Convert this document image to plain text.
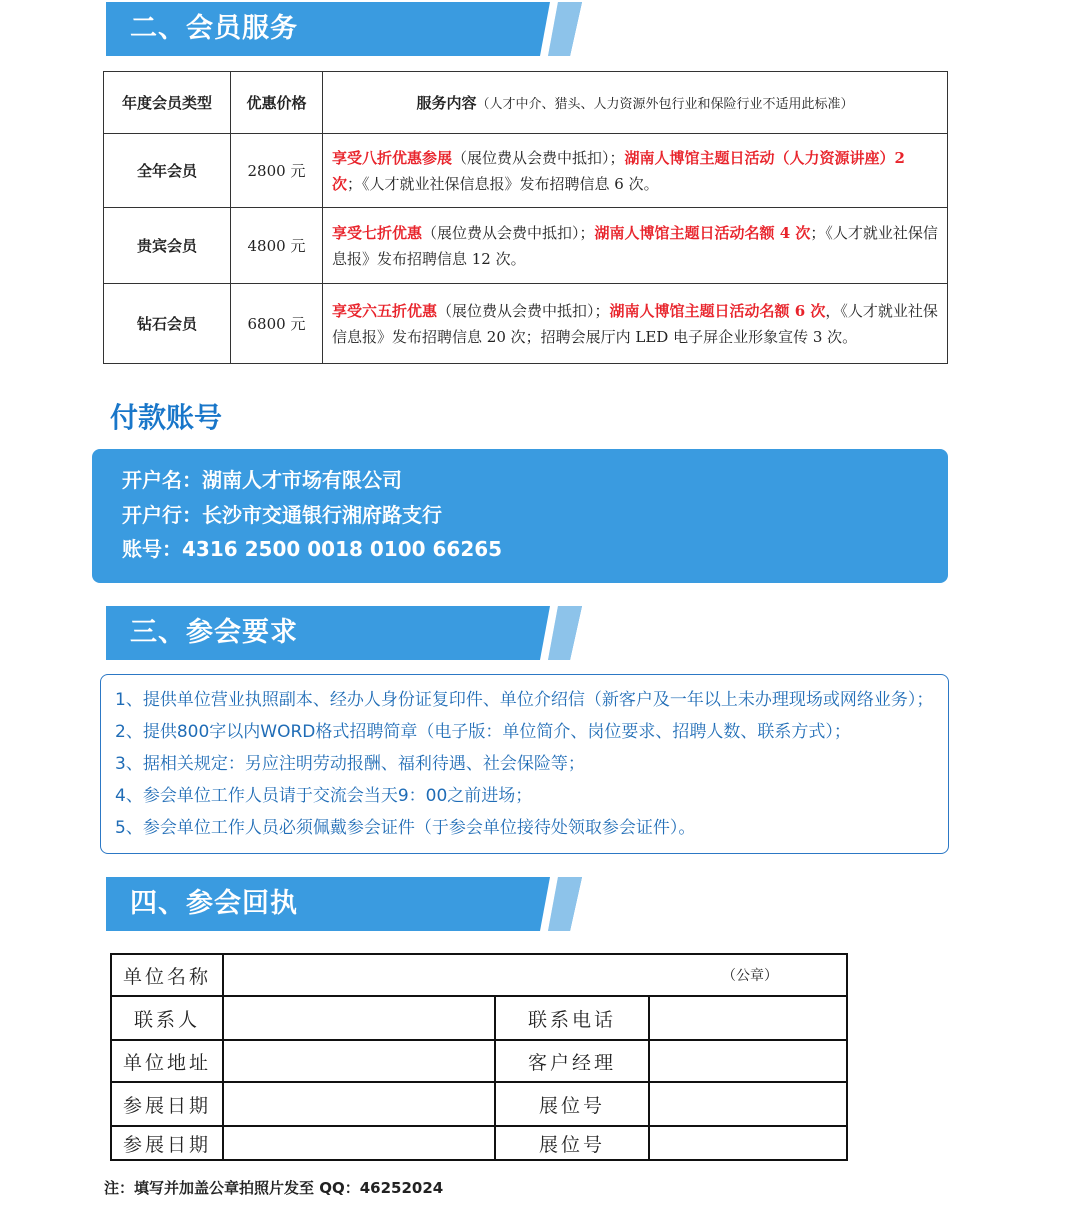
二、会员服务
年度会员类型	优惠价格	服务内容（人才中介、猎头、人力资源外包行业和保险行业不适用此标准）
全年会员	2800 元	享受八折优惠参展（展位费从会费中抵扣）；湖南人博馆主题日活动（人力资源讲座）2 次；《人才就业社保信息报》发布招聘信息 6 次。
贵宾会员	4800 元	享受七折优惠（展位费从会费中抵扣）；湖南人博馆主题日活动名额 4 次；《人才就业社保信息报》发布招聘信息 12 次。
钻石会员	6800 元	享受六五折优惠（展位费从会费中抵扣）；湖南人博馆主题日活动名额 6 次，《人才就业社保信息报》发布招聘信息 20 次；招聘会展厅内 LED 电子屏企业形象宣传 3 次。
付款账号
开户名：湖南人才市场有限公司
开户行：长沙市交通银行湘府路支行
账号：4316 2500 0018 0100 66265
三、参会要求
1、提供单位营业执照副本、经办人身份证复印件、单位介绍信（新客户及一年以上未办理现场或网络业务）；
2、提供800字以内WORD格式招聘简章（电子版：单位简介、岗位要求、招聘人数、联系方式）；
3、据相关规定：另应注明劳动报酬、福利待遇、社会保险等；
4、参会单位工作人员请于交流会当天9：00之前进场；
5、参会单位工作人员必须佩戴参会证件（于参会单位接待处领取参会证件）。
四、参会回执
单位名称	（公章）		

联系人		联系电话	
单位地址		客户经理	
参展日期		展位号	
参展日期		展位号	
注：填写并加盖公章拍照片发至 QQ：46252024
